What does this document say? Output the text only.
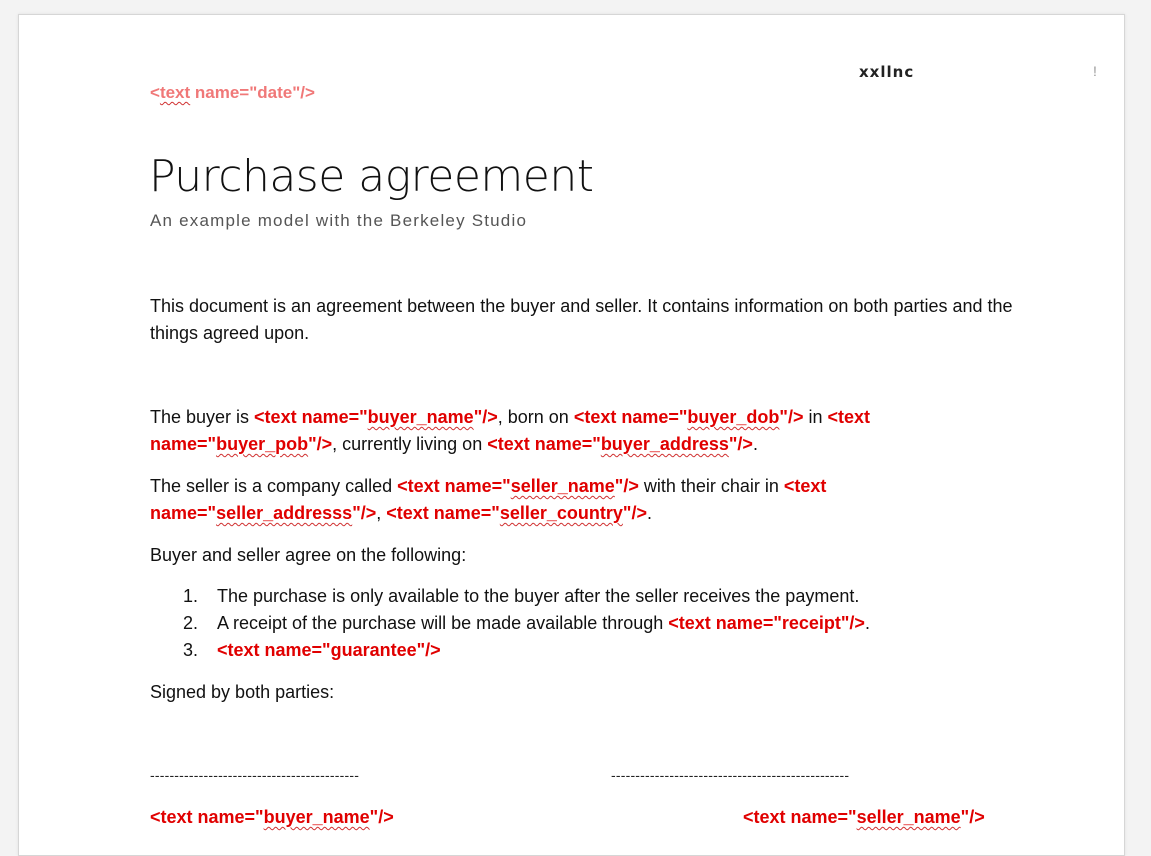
xxllnc	!
<text name="date"/>
Purchase agreement
An example model with the Berkeley Studio

This document is an agreement between the buyer and seller. It contains information on both parties and the things agreed upon.

The buyer is <text name="buyer_name"/>, born on <text name="buyer_dob"/> in <text name="buyer_pob"/>, currently living on <text name="buyer_address"/>.

The seller is a company called <text name="seller_name"/> with their chair in <text name="seller_addresss"/>, <text name="seller_country"/>.

Buyer and seller agree on the following:

1. The purchase is only available to the buyer after the seller receives the payment.
2. A receipt of the purchase will be made available through <text name="receipt"/>.
3. <text name="guarantee"/>

Signed by both parties:

-------------------------------------------	-------------------------------------------------
<text name="buyer_name"/>	<text name="seller_name"/>
